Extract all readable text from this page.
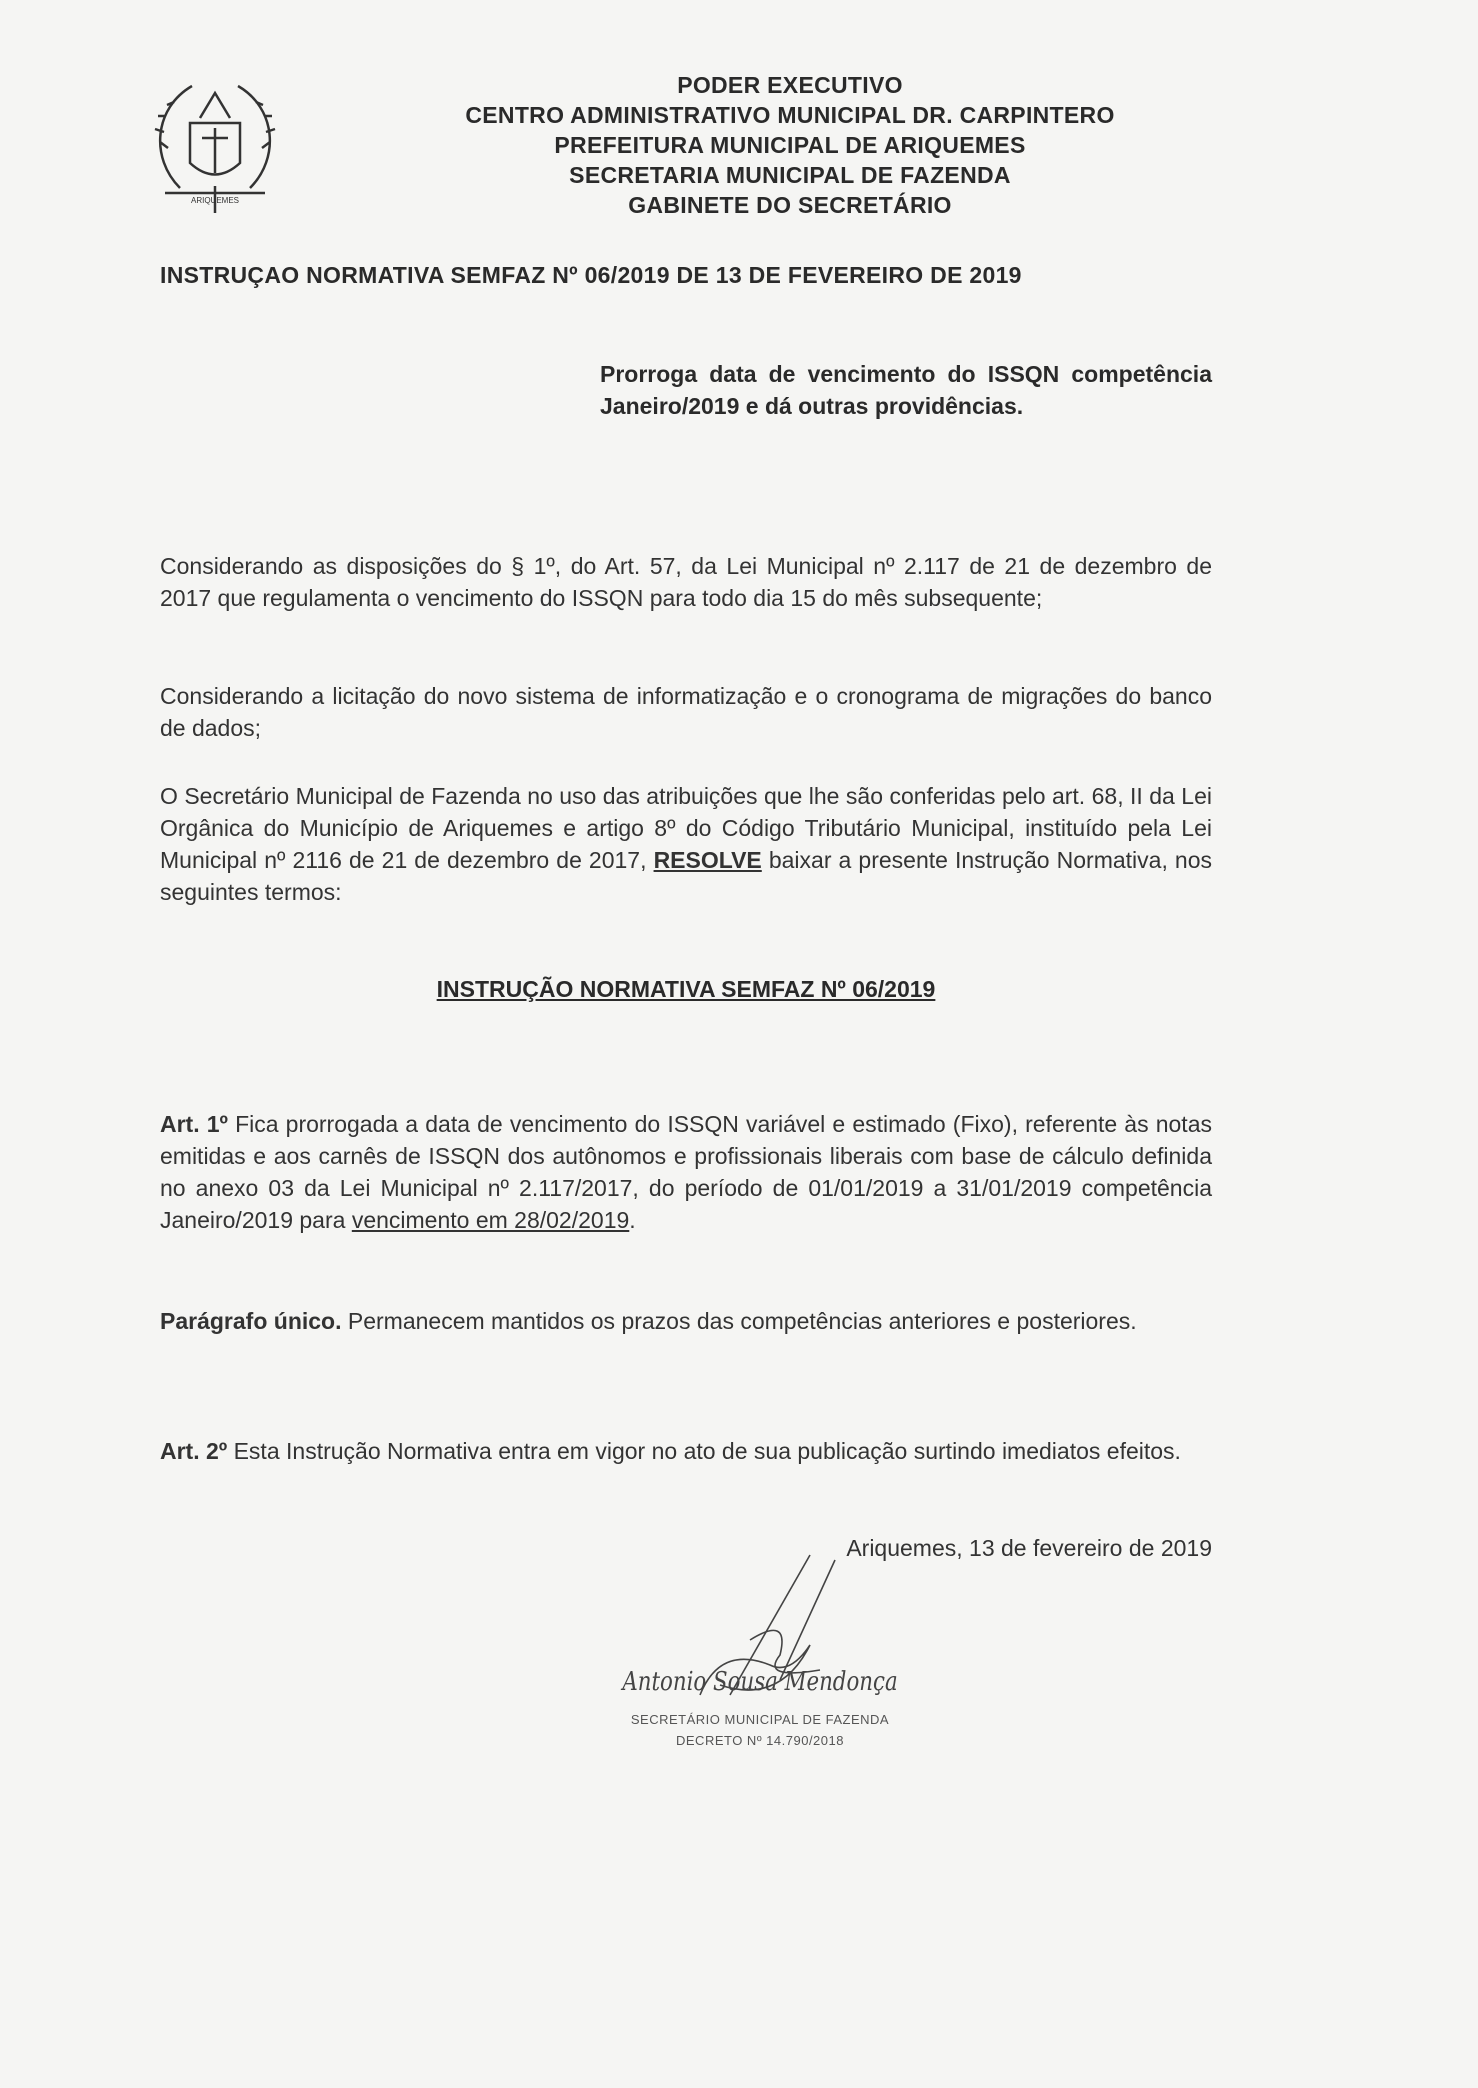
ARIQUEMES
PODER EXECUTIVO
CENTRO ADMINISTRATIVO MUNICIPAL DR. CARPINTERO
PREFEITURA MUNICIPAL DE ARIQUEMES
SECRETARIA MUNICIPAL DE FAZENDA
GABINETE DO SECRETÁRIO
INSTRUÇAO NORMATIVA SEMFAZ Nº 06/2019 DE 13 DE FEVEREIRO DE 2019
Prorroga data de vencimento do ISSQN competência Janeiro/2019 e dá outras providências.
Considerando as disposições do § 1º, do Art. 57, da Lei Municipal nº 2.117 de 21 de dezembro de 2017 que regulamenta o vencimento do ISSQN para todo dia 15 do mês subsequente;
Considerando a licitação do novo sistema de informatização e o cronograma de migrações do banco de dados;
O Secretário Municipal de Fazenda no uso das atribuições que lhe são conferidas pelo art. 68, II da Lei Orgânica do Município de Ariquemes e artigo 8º do Código Tributário Municipal, instituído pela Lei Municipal nº 2116 de 21 de dezembro de 2017, RESOLVE baixar a presente Instrução Normativa, nos seguintes termos:
INSTRUÇÃO NORMATIVA SEMFAZ Nº 06/2019
Art. 1º Fica prorrogada a data de vencimento do ISSQN variável e estimado (Fixo), referente às notas emitidas e aos carnês de ISSQN dos autônomos e profissionais liberais com base de cálculo definida no anexo 03 da Lei Municipal nº 2.117/2017, do período de 01/01/2019 a 31/01/2019 competência Janeiro/2019 para vencimento em 28/02/2019.
Parágrafo único. Permanecem mantidos os prazos das competências anteriores e posteriores.
Art. 2º Esta Instrução Normativa entra em vigor no ato de sua publicação surtindo imediatos efeitos.
Ariquemes, 13 de fevereiro de 2019
Antonio Sousa Mendonça
SECRETÁRIO MUNICIPAL DE FAZENDA
DECRETO Nº 14.790/2018
